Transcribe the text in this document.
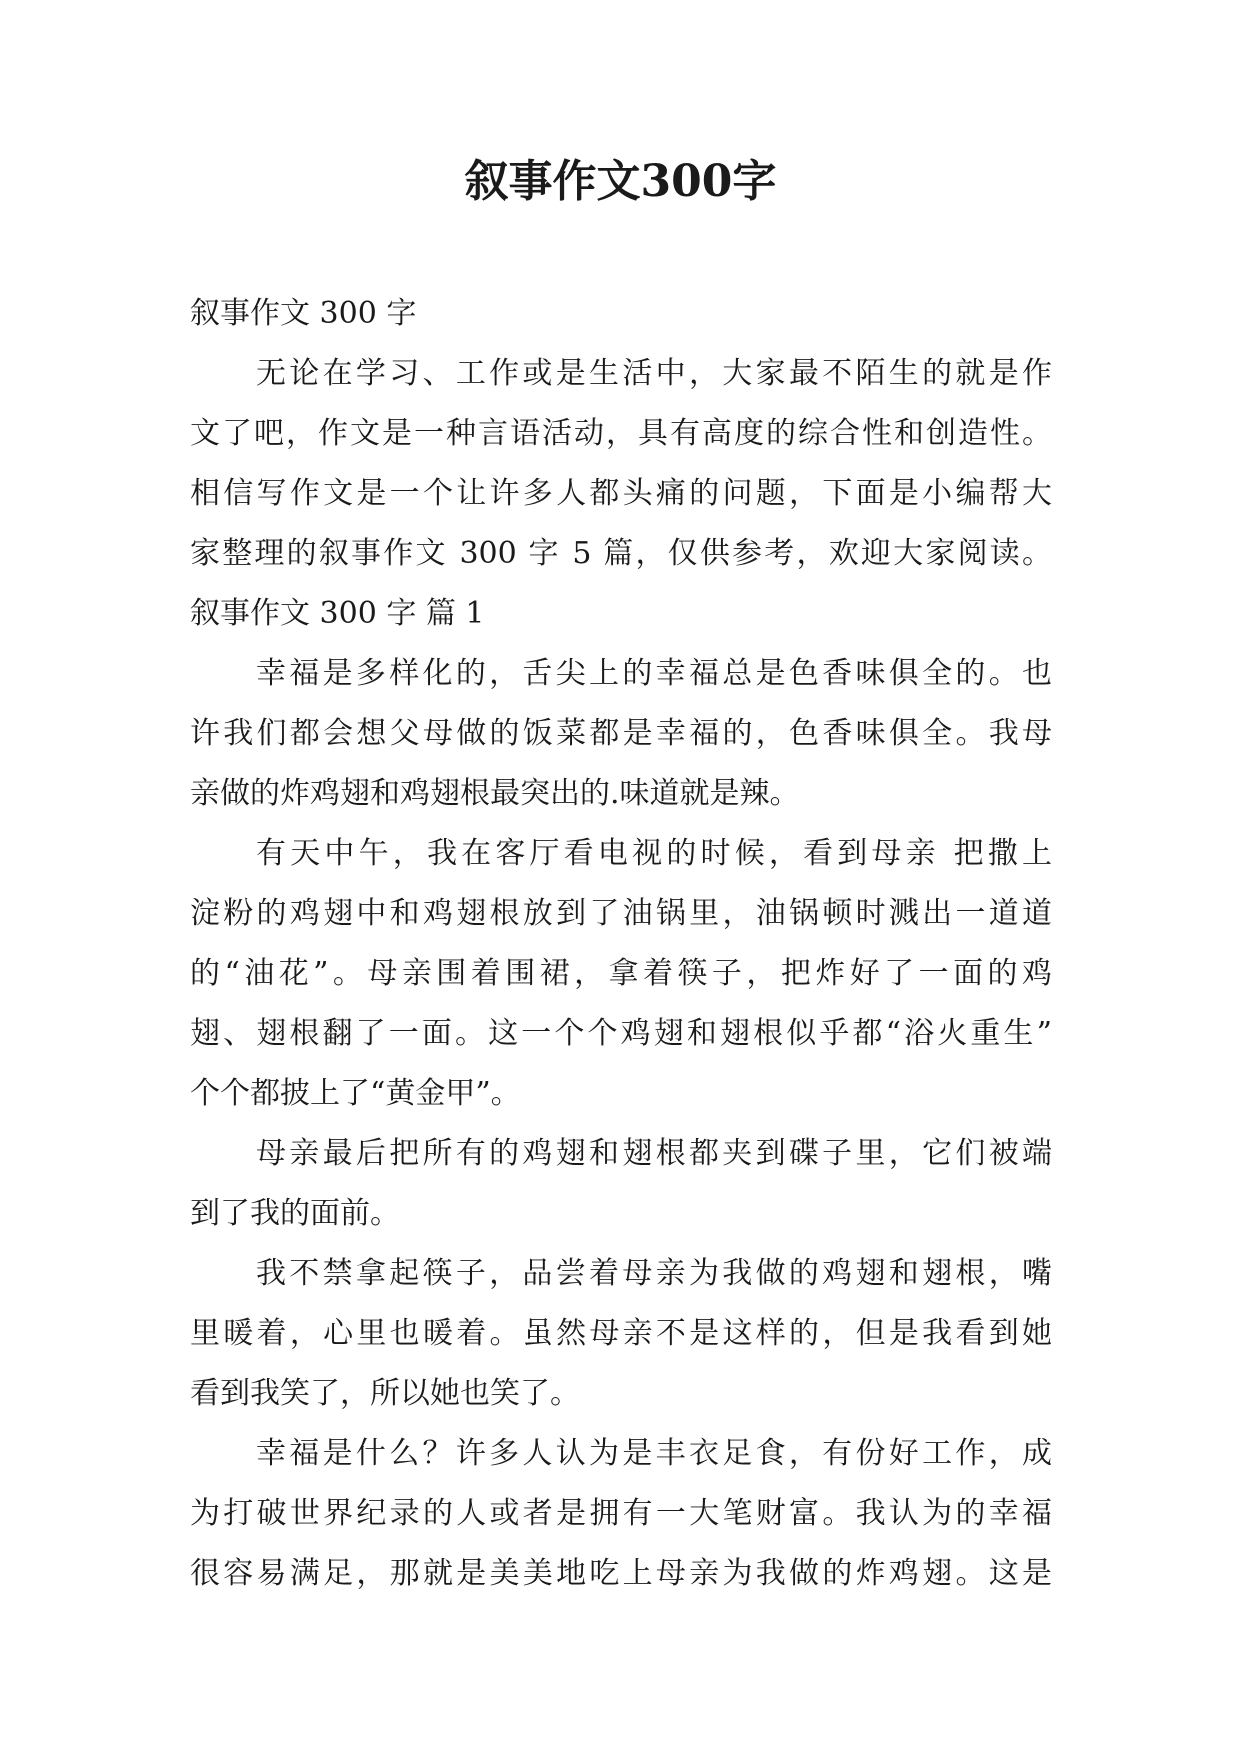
叙事作文300字
叙事作文 300 字
无论在学习、工作或是生活中，大家最不陌生的就是作
文了吧，作文是一种言语活动，具有高度的综合性和创造性。
相信写作文是一个让许多人都头痛的问题，下面是小编帮大
家整理的叙事作文 300 字 5 篇，仅供参考，欢迎大家阅读。
叙事作文 300 字 篇 1
幸福是多样化的，舌尖上的幸福总是色香味俱全的。也
许我们都会想父母做的饭菜都是幸福的，色香味俱全。我母
亲做的炸鸡翅和鸡翅根最突出的.味道就是辣。
有天中午，我在客厅看电视的时候，看到母亲 把撒上
淀粉的鸡翅中和鸡翅根放到了油锅里，油锅顿时溅出一道道
的“油花”。母亲围着围裙，拿着筷子，把炸好了一面的鸡
翅、翅根翻了一面。这一个个鸡翅和翅根似乎都“浴火重生”
个个都披上了“黄金甲”。
母亲最后把所有的鸡翅和翅根都夹到碟子里，它们被端
到了我的面前。
我不禁拿起筷子，品尝着母亲为我做的鸡翅和翅根，嘴
里暖着，心里也暖着。虽然母亲不是这样的，但是我看到她
看到我笑了，所以她也笑了。
幸福是什么？许多人认为是丰衣足食，有份好工作，成
为打破世界纪录的人或者是拥有一大笔财富。我认为的幸福
很容易满足，那就是美美地吃上母亲为我做的炸鸡翅。这是
